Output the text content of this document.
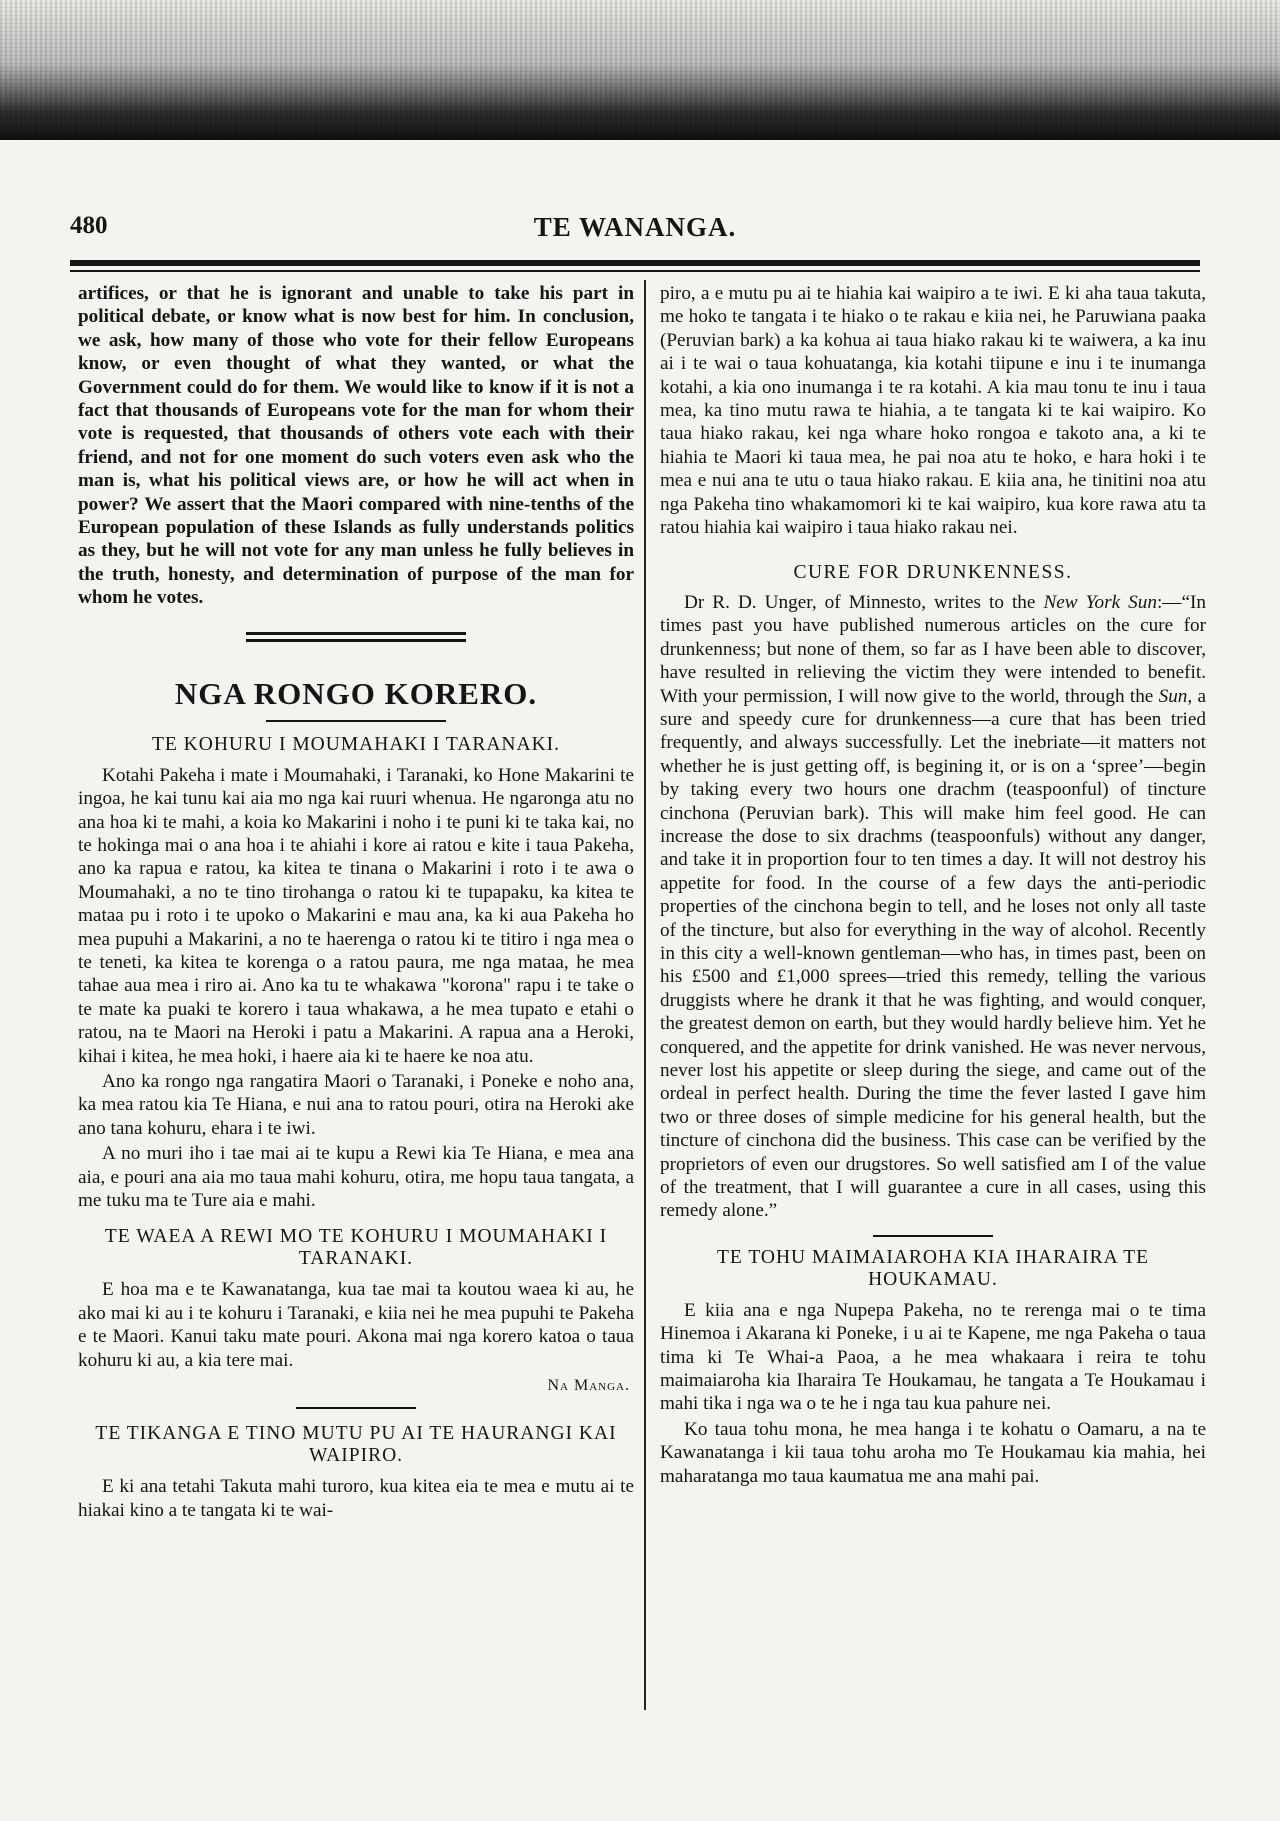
480	TE WANANGA.

artifices, or that he is ignorant and unable to take his part in political debate, or know what is now best for him. In conclusion, we ask, how many of those who vote for their fellow Europeans know, or even thought of what they wanted, or what the Government could do for them. We would like to know if it is not a fact that thousands of Europeans vote for the man for whom their vote is requested, that thousands of others vote each with their friend, and not for one moment do such voters even ask who the man is, what his political views are, or how he will act when in power? We assert that the Maori compared with nine-tenths of the European population of these Islands as fully understands politics as they, but he will not vote for any man unless he fully believes in the truth, honesty, and determination of purpose of the man for whom he votes.

NGA RONGO KORERO.
TE KOHURU I MOUMAHAKI I TARANAKI.

Kotahi Pakeha i mate i Moumahaki, i Taranaki, ko Hone Makarini te ingoa, he kai tunu kai aia mo nga kai ruuri whenua. He ngaronga atu no ana hoa ki te mahi, a koia ko Makarini i noho i te puni ki te taka kai, no te hokinga mai o ana hoa i te ahiahi i kore ai ratou e kite i taua Pakeha, ano ka rapua e ratou, ka kitea te tinana o Makarini i roto i te awa o Moumahaki, a no te tino tirohanga o ratou ki te tupapaku, ka kitea te mataa pu i roto i te upoko o Makarini e mau ana, ka ki aua Pakeha ho mea pupuhi a Makarini, a no te haerenga o ratou ki te titiro i nga mea o te teneti, ka kitea te korenga o a ratou paura, me nga mataa, he mea tahae aua mea i riro ai. Ano ka tu te whakawa "korona" rapu i te take o te mate ka puaki te korero i taua whakawa, a he mea tupato e etahi o ratou, na te Maori na Heroki i patu a Makarini. A rapua ana a Heroki, kihai i kitea, he mea hoki, i haere aia ki te haere ke noa atu.

Ano ka rongo nga rangatira Maori o Taranaki, i Poneke e noho ana, ka mea ratou kia Te Hiana, e nui ana to ratou pouri, otira na Heroki ake ano tana kohuru, ehara i te iwi.

A no muri iho i tae mai ai te kupu a Rewi kia Te Hiana, e mea ana aia, e pouri ana aia mo taua mahi kohuru, otira, me hopu taua tangata, a me tuku ma te Ture aia e mahi.

TE WAEA A REWI MO TE KOHURU I MOUMAHAKI I TARANAKI.

E hoa ma e te Kawanatanga, kua tae mai ta koutou waea ki au, he ako mai ki au i te kohuru i Taranaki, e kiia nei he mea pupuhi te Pakeha e te Maori. Kanui taku mate pouri. Akona mai nga korero katoa o taua kohuru ki au, a kia tere mai.

Na Manga.
TE TIKANGA E TINO MUTU PU AI TE HAURANGI KAI WAIPIRO.

E ki ana tetahi Takuta mahi turoro, kua kitea eia te mea e mutu ai te hiakai kino a te tangata ki te wai-

piro, a e mutu pu ai te hiahia kai waipiro a te iwi. E ki aha taua takuta, me hoko te tangata i te hiako o te rakau e kiia nei, he Paruwiana paaka (Peruvian bark) a ka kohua ai taua hiako rakau ki te waiwera, a ka inu ai i te wai o taua kohuatanga, kia kotahi tiipune e inu i te inumanga kotahi, a kia ono inumanga i te ra kotahi. A kia mau tonu te inu i taua mea, ka tino mutu rawa te hiahia, a te tangata ki te kai waipiro. Ko taua hiako rakau, kei nga whare hoko rongoa e takoto ana, a ki te hiahia te Maori ki taua mea, he pai noa atu te hoko, e hara hoki i te mea e nui ana te utu o taua hiako rakau. E kiia ana, he tinitini noa atu nga Pakeha tino whakamomori ki te kai waipiro, kua kore rawa atu ta ratou hiahia kai waipiro i taua hiako rakau nei.

CURE FOR DRUNKENNESS.

Dr R. D. Unger, of Minnesto, writes to the New York Sun:—“In times past you have published numerous articles on the cure for drunkenness; but none of them, so far as I have been able to discover, have resulted in relieving the victim they were intended to benefit. With your permission, I will now give to the world, through the Sun, a sure and speedy cure for drunkenness—a cure that has been tried frequently, and always successfully. Let the inebriate—it matters not whether he is just getting off, is begining it, or is on a ‘spree’—begin by taking every two hours one drachm (teaspoonful) of tincture cinchona (Peruvian bark). This will make him feel good. He can increase the dose to six drachms (teaspoonfuls) without any danger, and take it in proportion four to ten times a day. It will not destroy his appetite for food. In the course of a few days the anti-periodic properties of the cinchona begin to tell, and he loses not only all taste of the tincture, but also for everything in the way of alcohol. Recently in this city a well-known gentleman—who has, in times past, been on his £500 and £1,000 sprees—tried this remedy, telling the various druggists where he drank it that he was fighting, and would conquer, the greatest demon on earth, but they would hardly believe him. Yet he conquered, and the appetite for drink vanished. He was never nervous, never lost his appetite or sleep during the siege, and came out of the ordeal in perfect health. During the time the fever lasted I gave him two or three doses of simple medicine for his general health, but the tincture of cinchona did the business. This case can be verified by the proprietors of even our drugstores. So well satisfied am I of the value of the treatment, that I will guarantee a cure in all cases, using this remedy alone.”

TE TOHU MAIMAIAROHA KIA IHARAIRA TE HOUKAMAU.

E kiia ana e nga Nupepa Pakeha, no te rerenga mai o te tima Hinemoa i Akarana ki Poneke, i u ai te Kapene, me nga Pakeha o taua tima ki Te Whai-a Paoa, a he mea whakaara i reira te tohu maimaiaroha kia Iharaira Te Houkamau, he tangata a Te Houkamau i mahi tika i nga wa o te he i nga tau kua pahure nei.

Ko taua tohu mona, he mea hanga i te kohatu o Oamaru, a na te Kawanatanga i kii taua tohu aroha mo Te Houkamau kia mahia, hei maharatanga mo taua kaumatua me ana mahi pai.
